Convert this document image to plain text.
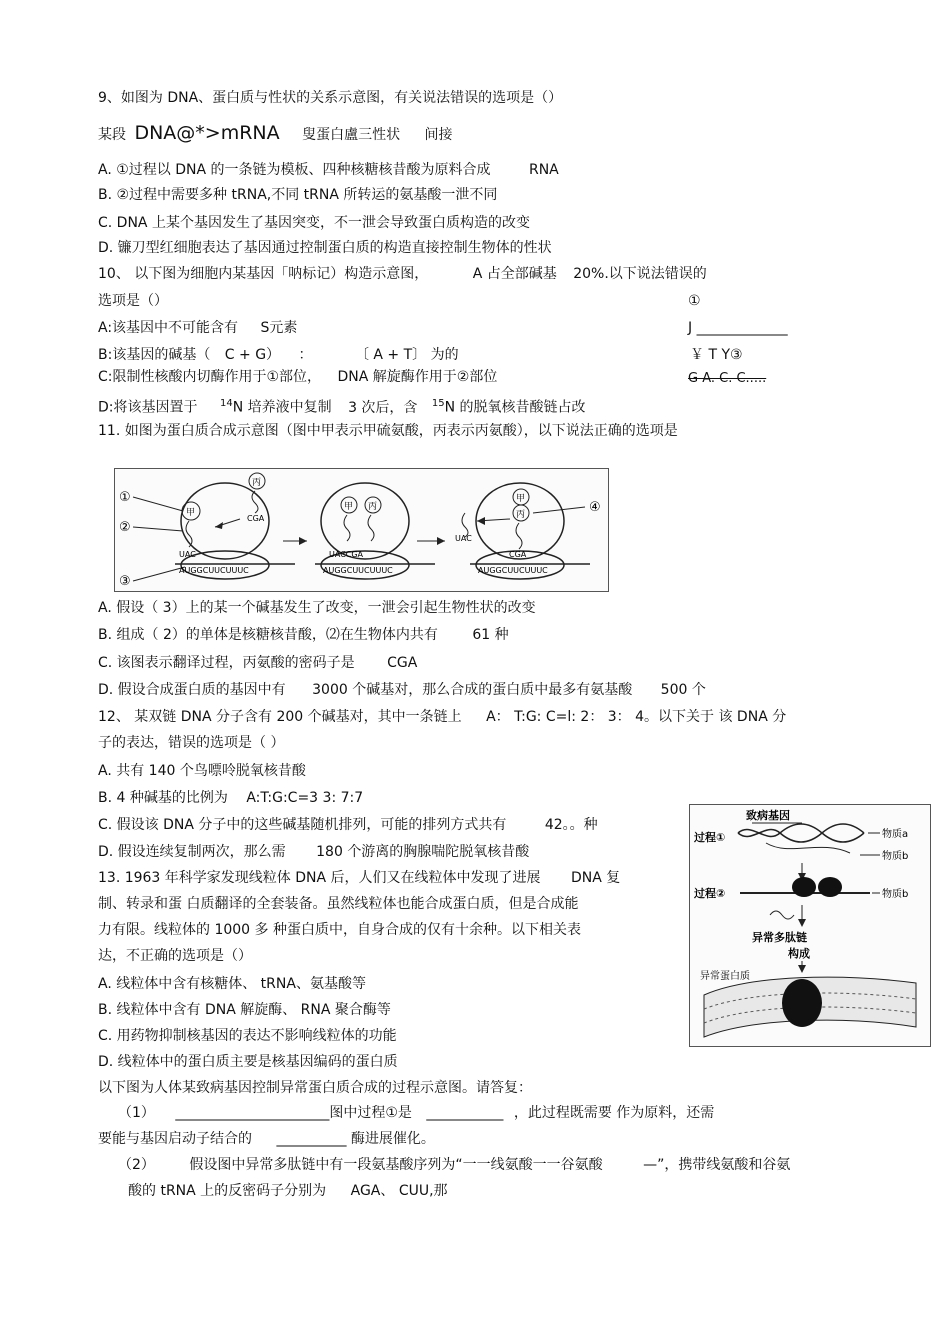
9、如图为 DNA、蛋白质与性状的关系示意图，有关说法错误的选项是（）
某段 DNA@*>mRNA 叟蛋白盧三性状 间接
A. ①过程以 DNA 的一条链为模板、四种核糖核昔酸为原料合成	RNA
B. ②过程中需要多种 tRNA,不同 tRNA 所转运的氨基酸一泄不同
C. DNA 上某个基因发生了基因突变，不一泄会导致蛋白质构造的改变
D. 镰刀型红细胞表达了基因通过控制蛋白质的构造直接控制生物体的性状
10、 以下图为细胞内某基因「呐标记）构造示意图，	A 占全部碱基 20%.以下说法错误的
选项是（）	①
A:该基因中不可能含有 S元素	J _____________
B:该基因的碱基（ C + G） ：	〔 A + T〕 为的	￥ T Y③
C:限制性核酸内切酶作用于①部位， DNA 解旋酶作用于②部位	G A. C. C.....
D:将该基因置于 $^{14}$N 培养液中复制 3 次后，含 $^{15}$N 的脱氧核昔酸链占改
11. 如图为蛋白质合成示意图（图中甲表示甲硫氨酸，丙表示丙氨酸），以下说法正确的选项是
①
②
③
甲
丙
CGA
UAC
AUGGCUUCUUUC
甲 丙
UACCGA
AUGGCUUCUUUC
甲
丙
UAC
CGA
AUGGCUUCUUUC
④
A. 假设（ 3）上的某一个碱基发生了改变，一泄会引起生物性状的改变
B. 组成（ 2）的单体是核糖核昔酸，⑵在生物体内共有 61 种
C. 该图表示翻译过程，丙氨酸的密码子是 CGA
D. 假设合成蛋白质的基因中有 3000 个碱基对，那么合成的蛋白质中最多有氨基酸 500 个
12、 某双链 DNA 分子含有 200 个碱基对，其中一条链上 A： T:G: C=l: 2： 3： 4。以下关于 该 DNA 分
子的表达，错误的选项是（ ）
A. 共有 140 个鸟嘌呤脱氧核昔酸
B. 4 种碱基的比例为 A:T:G:C=3 3: 7:7
C. 假设该 DNA 分子中的这些碱基随机排列，可能的排列方式共有	42。。种
D. 假设连续复制两次，那么需 180 个游离的胸腺喘陀脱氧核昔酸
13. 1963 年科学家发现线粒体 DNA 后，人们又在线粒体中发现了进展 DNA 复
制、转录和蛋 白质翻译的全套装备。虽然线粒体也能合成蛋白质，但是合成能
力有限。线粒体的 1000 多 种蛋白质中，自身合成的仅有十余种。以下相关表
达，不正确的选项是（）
A. 线粒体中含有核糖体、 tRNA、氨基酸等
B. 线粒体中含有 DNA 解旋酶、 RNA 聚合酶等
C. 用药物抑制核基因的表达不影响线粒体的功能
D. 线粒体中的蛋白质主要是核基因编码的蛋白质
致病基因
过程①	物质a
物质b
过程②	物质b
异常多肽链
构成
异常蛋白质
以下图为人体某致病基因控制异常蛋白质合成的过程示意图。请答复：
（1） ______________________图中过程①是 ___________ ，此过程既需要 作为原料，还需
要能与基因启动子结合的 __________ 酶进展催化。
（2） 假设图中异常多肽链中有一段氨基酸序列为“一一线氨酸一一谷氨酸	—”，携带线氨酸和谷氨
酸的 tRNA 上的反密码子分别为 AGA、 CUU,那
